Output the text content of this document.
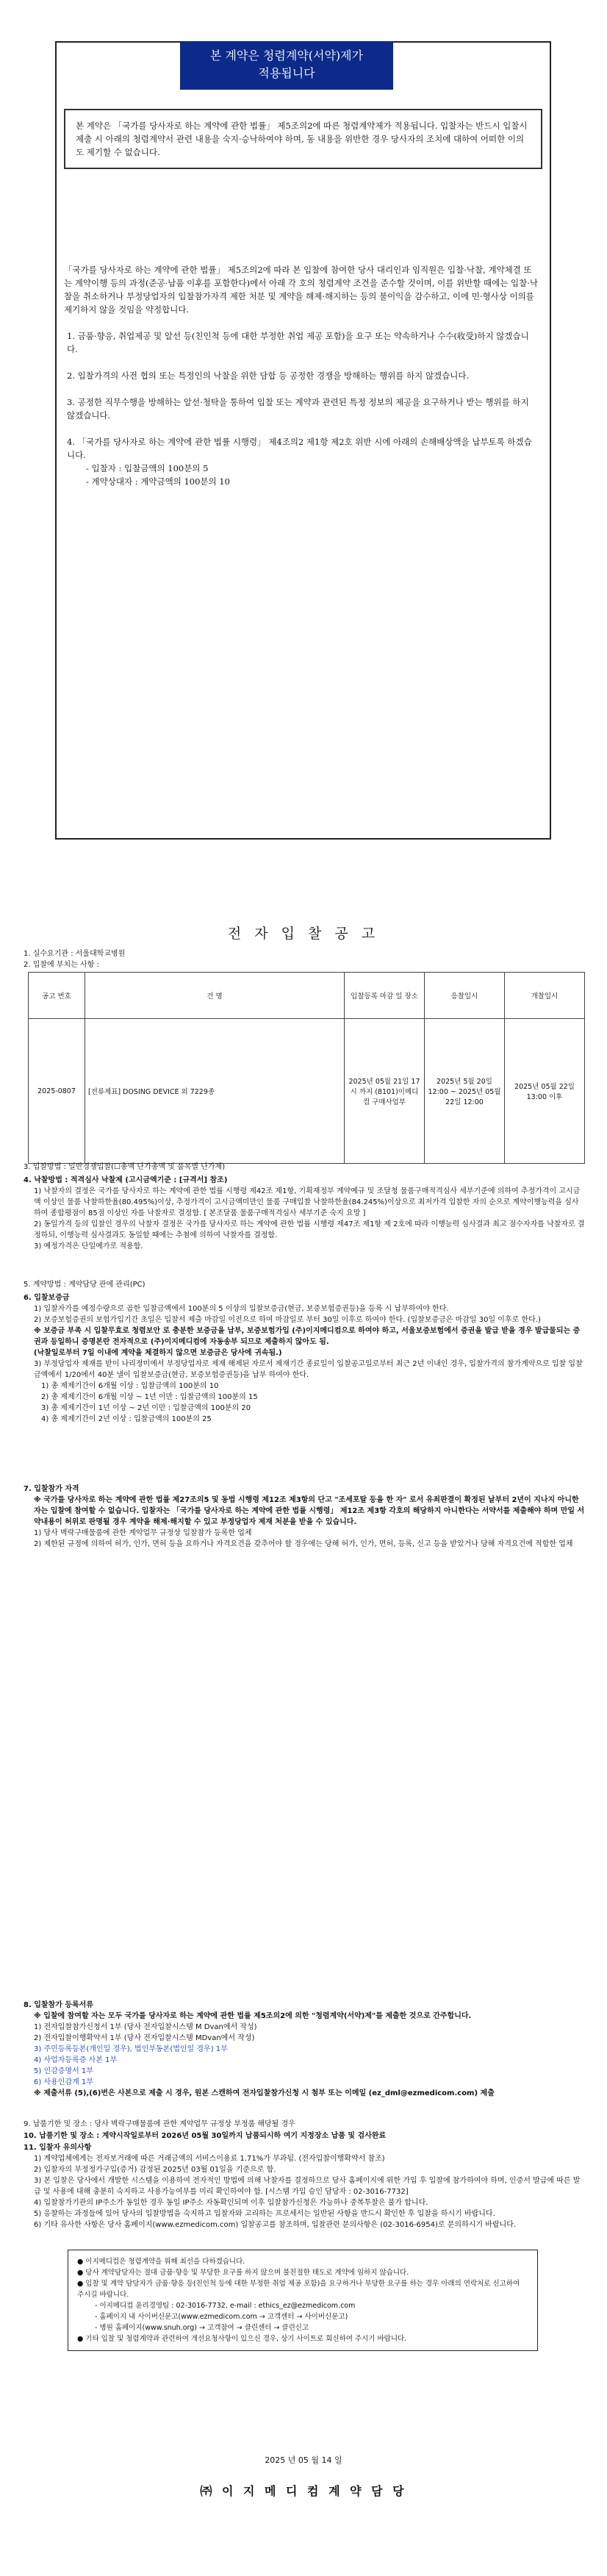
본 계약은 청렴계약(서약)제가
적용됩니다

본 계약은 「국가를 당사자로 하는 계약에 관한 법률」 제5조의2에 따른 청렴계약제가 적용됩니다. 입찰자는 반드시 입찰시 제출 시 아래의 청렴계약서 관련 내용을 숙지·승낙하여야 하며, 동 내용을 위반한 경우 당사자의 조치에 대하여 어떠한 이의도 제기할 수 없습니다.

「국가를 당사자로 하는 계약에 관한 법률」 제5조의2에 따라 본 입찰에 참여한 당사 대리인과 임직원은 입찰·낙찰, 계약체결 또는 계약이행 등의 과정(준공·납품 이후를 포함한다)에서 아래 각 호의 청렴계약 조건을 준수할 것이며, 이를 위반할 때에는 입찰·낙찰을 취소하거나 부정당업자의 입찰참가자격 제한 처분 및 계약을 해제·해지하는 등의 불이익을 감수하고, 이에 민·형사상 이의를 제기하지 않을 것임을 약정합니다.

1. 금품·향응, 취업제공 및 알선 등(친인척 등에 대한 부정한 취업 제공 포함)을 요구 또는 약속하거나 수수(收受)하지 않겠습니다.

2. 입찰가격의 사전 협의 또는 특정인의 낙찰을 위한 담합 등 공정한 경쟁을 방해하는 행위를 하지 않겠습니다.

3. 공정한 직무수행을 방해하는 알선·청탁을 통하여 입찰 또는 계약과 관련된 특정 정보의 제공을 요구하거나 받는 행위를 하지 않겠습니다.

4. 「국가를 당사자로 하는 계약에 관한 법률 시행령」 제4조의2 제1항 제2호 위반 시에 아래의 손해배상액을 납부토록 하겠습니다.

- 입찰자 : 입찰금액의 100분의 5

- 계약상대자 : 계약금액의 100분의 10

전 자 입 찰 공 고
1. 실수요기관 : 서울대학교병원
2. 입찰에 부치는 사항 :
공고 번호	건 명	입찰등록 마감 일 장소	응찰일시	개찰일시
2025-0807	[전류제표] DOSING DEVICE 외 7229종	2025년 05월 21일 17시 까지 (8101)이메디컴 구매사업부	2025년 5월 20일 12:00 ~ 2025년 05월 22일 12:00	2025년 05월 22일 13:00 이후
3. 입찰방법 : 일반경쟁입찰(☐총액 단가총액 및 품목별 단가제)

4. 낙찰방법 : 적격심사 낙찰제 (고시금액기준 : [규격서] 참조)

1) 낙찰자의 결정은 국가를 당사자로 하는 계약에 관한 법률 시행령 제42조 제1항, 기획재정부 계약예규 및 조달청 물품구매적격심사 세부기준에 의하여 추정가격이 고시금액 이상인 물품 낙찰하한율(80.495%)이상, 추정가격이 고시금액미만인 물품 구매입찰 낙찰하한율(84.245%)이상으로 최저가격 입찰한 자의 순으로 계약이행능력을 심사하여 종합평점이 85점 이상인 자를 낙찰자로 결정함. [ 본조달품 물품구매적격심사 세부기준 숙지 요망 ]

2) 동일가격 등의 입찰인 경우의 낙찰자 결정은 국가를 당사자로 하는 계약에 관한 법률 시행령 제47조 제1항 제 2호에 따라 이행능력 심사결과 최고 점수자자를 낙찰자로 결정하되, 이행능력 심사결과도 동일할 때에는 추첨에 의하여 낙찰자를 결정함.

3) 예정가격은 단일예가로 적용함.

5. 계약방법 : 계약담당 관에 관리(PC)

6. 입찰보증금

1) 입찰자가를 예정수량으로 곱한 입찰금액에서 100분의 5 이상의 입찰보증금(현금, 보증보험증권등)을 등록 시 납부하여야 한다.

2) 보증보험증권의 보험가입기간 초일은 입찰서 제출 마감일 이전으로 하여 마감일로 부터 30일 이후로 하여야 한다. (입찰보증금은 마감일 30일 이후로 한다.)

※ 보증금 부족 시 입찰무효로 청렴보안 로 충분한 보증금을 납부, 보증보험가입 (주)이지메디컴으로 하여야 하고, 서울보증보험에서 증권을 발급 받을 경우 발급물되는 증권과 등일하니 증명본란 전자적으로 (주)이지메디컴에 자동송부 되므로 제출하지 않아도 됨.

(낙찰일로부터 7일 이내에 계약을 체결하지 않으면 보증금은 당사에 귀속됨.)

3) 부정당업자 제재를 받이 나리정미에서 부정당업자로 제재 해제된 자로서 제재기간 종료일이 입찰공고일로부터 최근 2년 이내인 경우, 입찰가격의 참가계약으로 입찰 입찰금액에서 1/20에서 40분 낼이 입찰보증금(현금, 보증보험증권등)을 납부 하여야 한다.

1) 총 제제기간이 6개월 이상 : 입찰금액의 100분의 10

2) 총 제제기간이 6개월 이상 ~ 1년 이만 : 입찰금액의 100분의 15

3) 총 제제기간이 1년 이상 ~ 2년 이만 : 입찰금액의 100분의 20

4) 총 제제기간이 2년 이상 : 입찰금액의 100분의 25

7. 입찰참가 자격

※ 국가를 당사자로 하는 계약에 관한 법률 제27조의5 및 동법 시행령 제12조 제3항의 단고 "조세포탈 등을 한 자" 로서 유죄판결이 확정된 날부터 2년이 지나지 아니한 자는 입찰에 참여할 수 없습니다. 입찰자는 「국가를 당사자로 하는 계약에 관한 법률 시행령」 제12조 제3항 각호의 해당하지 아니한다는 서약서를 제출해야 하며 만일 서약내용이 허위로 판명될 경우 계약을 해제·해지할 수 있고 부정당업자 제재 처분을 받을 수 있습니다.

1) 당사 벽락구매물품에 관한 계약업무 규정상 입찰참가 등록한 업체

2) 제한된 규정에 의하여 허가, 인가, 면허 등을 요하거나 자격요건을 갖추어야 할 경우에는 당해 허가, 인가, 면허, 등록, 신고 등을 받았거나 당해 자격요건에 적합한 업체

8. 입찰참가 등록서류

※ 입찰에 참여할 자는 모두 국가를 당사자로 하는 계약에 관한 법률 제5조의2에 의한 "청렴계약(서약)제"를 제출한 것으로 간주합니다.

1) 전자입찰참가신청서 1부 (당사 전자입찰시스템 M Dvan에서 작성)

2) 전자입찰이행확약서 1부 (당사 전자입찰시스템 MDvan에서 작성)

3) 주민등록등본(개인일 경우), 법인부동본(법인일 경우) 1부

4) 사업자등록증 사본 1부

5) 인감증명서 1부

6) 사용인감계 1부

※ 제출서류 (5),(6)번은 사본으로 제출 시 경우, 원본 스캔하여 전자입찰참가신청 시 첨부 또는 이메일 (ez_dml@ezmedicom.com) 제출

9. 납품기한 및 장소 : 당사 벽락구매물품에 관한 계약업무 규정상 부정품 해당될 경우
10. 납품기한 및 장소 : 계약시작일로부터 2026년 05월 30일까지 납품되시하 여기 지정장소 납품 및 검사완료

11. 입찰자 유의사항

1) 계약업체에게는 전자보거래에 따른 거래금액의 서비스이용료 1.71%가 부과됨. (전자입찰이행확약서 참조)

2) 입찰자의 부정정가구입(증거) 감정된 2025년 03월 01일을 기준으로 함.

3) 본 입찰은 당사에서 개발한 시스템을 이용하여 전자적인 방법에 의해 낙찰자를 결정하므로 당사 홈페이지에 위한 가입 후 입찰에 참가하여야 하며, 인증서 발급에 따른 발급 및 사용에 대해 충분히 숙지하고 사용가능여부를 미리 확인하여야 함. [시스템 가입 승인 담당자 : 02-3016-7732]

4) 입찰참가기관의 IP주소가 동일한 경우 동일 IP주소 자동확인되며 이후 입찰참가신청은 가능하나 중복투찰은 불가 합니다.

5) 응찰하는 과정들에 있어 당사의 입찰방법을 숙지하고 입찰자와 고리하는 프로세서는 일반된 사항을 반드시 확인한 후 입찰을 하시기 바랍니다.

6) 기타 유사한 사항은 당사 홈페이지(www.ezmedicom.com) 입찰공고를 참조하며, 입찰관련 문의사항은 (02-3016-6954)로 문의하시기 바랍니다.

● 이지메디컴은 청렴계약을 위해 최선을 다하겠습니다.

● 당사 계약담당자는 절대 금품·향응 및 부당한 요구를 하지 않으며 불친절한 태도로 계약에 임하지 않습니다.

● 입찰 및 계약 담당자가 금품·향응 등(친인척 등에 대한 부정한 취업 제공 포함)을 요구하거나 부당한 요구를 하는 경우 아래의 연락처로 신고하여 주시길 바랍니다.

- 이지메디컴 윤리경영팀 : 02-3016-7732, e-mail : ethics_ez@ezmedicom.com

- 홈페이지 내 사이버신문고(www.ezmedicom.com → 고객센터 → 사이버신문고)

- 병원 홈페이지(www.snuh.org) → 고객참여 → 클린센터 → 클린신고

● 기타 입찰 및 청렴계약과 관련하여 개선요청사항이 있으신 경우, 상기 사이트로 회신하여 주시기 바랍니다.

2025 년 05 월 14 일
㈜ 이 지 메 디 컴 계 약 담 당
